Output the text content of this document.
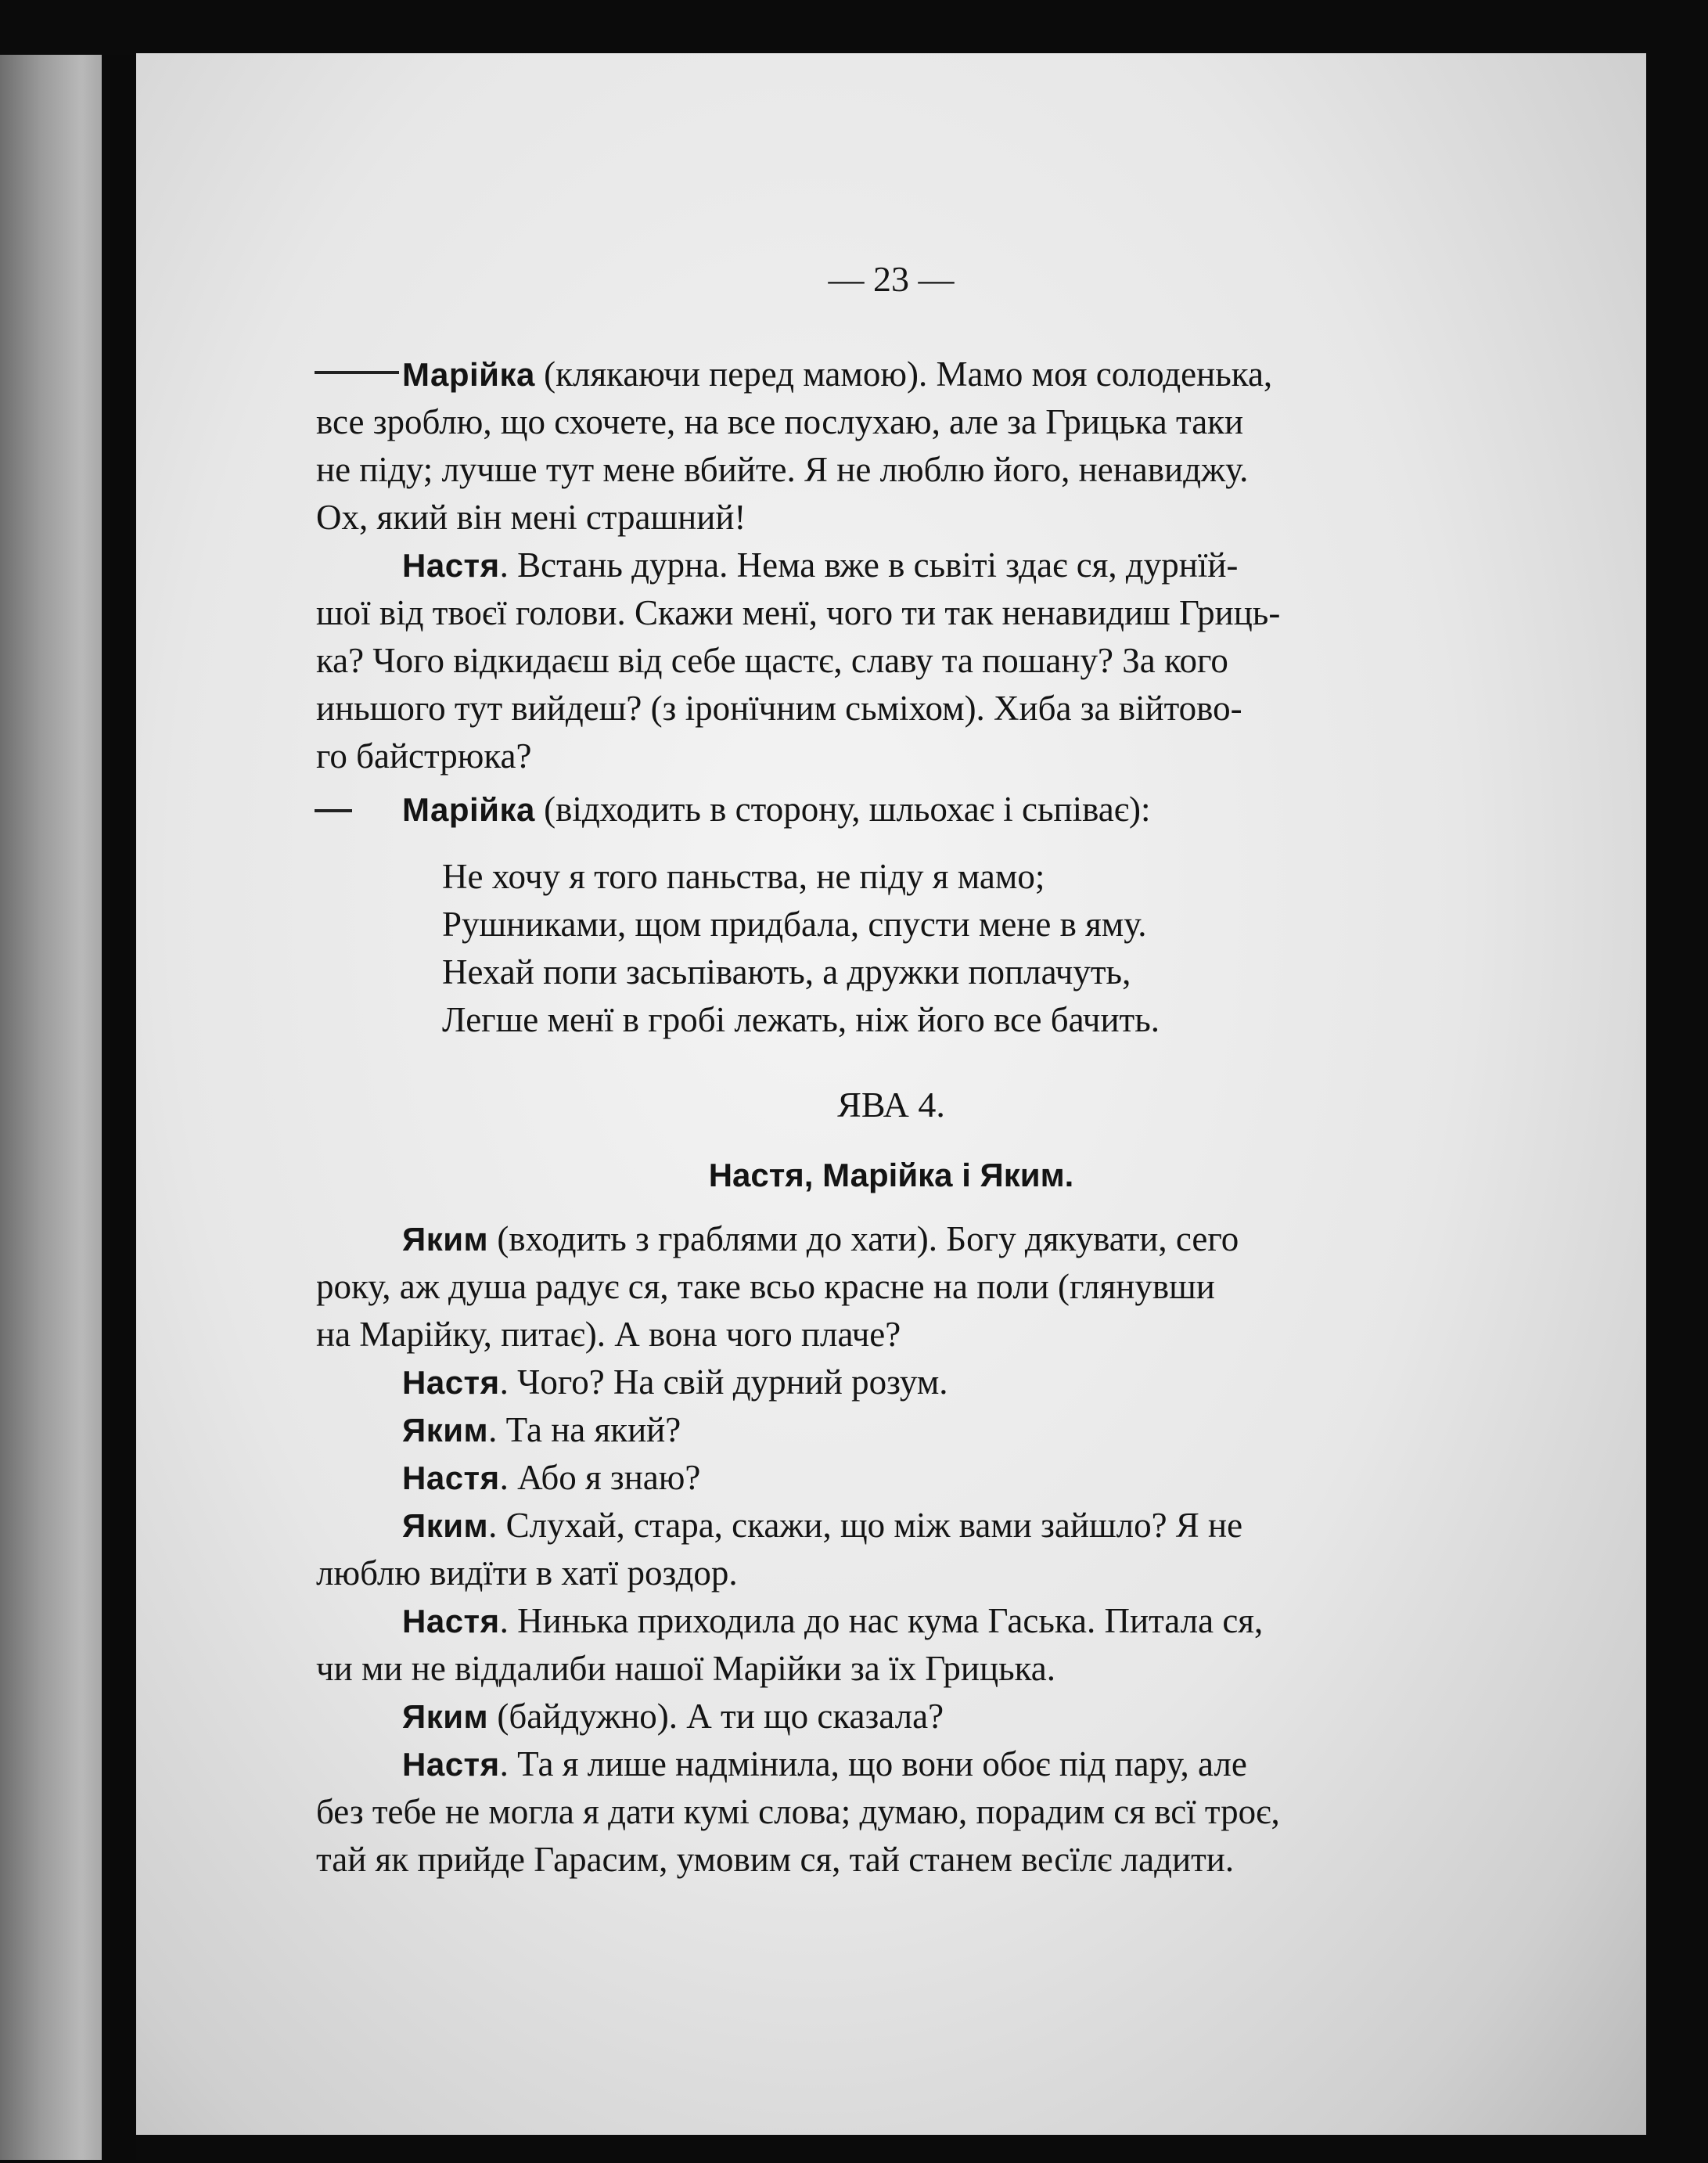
— 23 —
Марійка (клякаючи перед мамою). Мамо моя солоденька,
все зроблю, що схочете, на все послухаю, але за Грицька таки
не піду; лучше тут мене вбийте. Я не люблю його, ненавиджу.
Ох, який він мені страшний!
Настя. Встань дурна. Нема вже в сьвіті здає ся, дурнїй-
шої від твоєї голови. Скажи менї, чого ти так ненавидиш Гриць-
ка? Чого відкидаєш від себе щастє, славу та пошану? За кого
иньшого тут вийдеш? (з іронїчним сьміхом). Хиба за війтово-
го байстрюка?
Марійка (відходить в сторону, шльохає і сьпіває):
Не хочу я того паньства, не піду я мамо;
Рушниками, щом придбала, спусти мене в яму.
Нехай попи засьпівають, а дружки поплачуть,
Легше менї в гробі лежать, ніж його все бачить.
ЯВА 4.
Настя, Марійка і Яким.
Яким (входить з граблями до хати). Богу дякувати, сего
року, аж душа радує ся, таке всьо красне на поли (глянувши
на Марійку, питає). А вона чого плаче?
Настя. Чого? На свій дурний розум.
Яким. Та на який?
Настя. Або я знаю?
Яким. Слухай, стара, скажи, що між вами зайшло? Я не
люблю видїти в хатї роздор.
Настя. Нинька приходила до нас кума Гаська. Питала ся,
чи ми не віддалиби нашої Марійки за їх Грицька.
Яким (байдужно). А ти що сказала?
Настя. Та я лише надмінила, що вони обоє під пару, але
без тебе не могла я дати кумі слова; думаю, порадим ся всї троє,
тай як прийде Гарасим, умовим ся, тай станем весїлє ладити.
